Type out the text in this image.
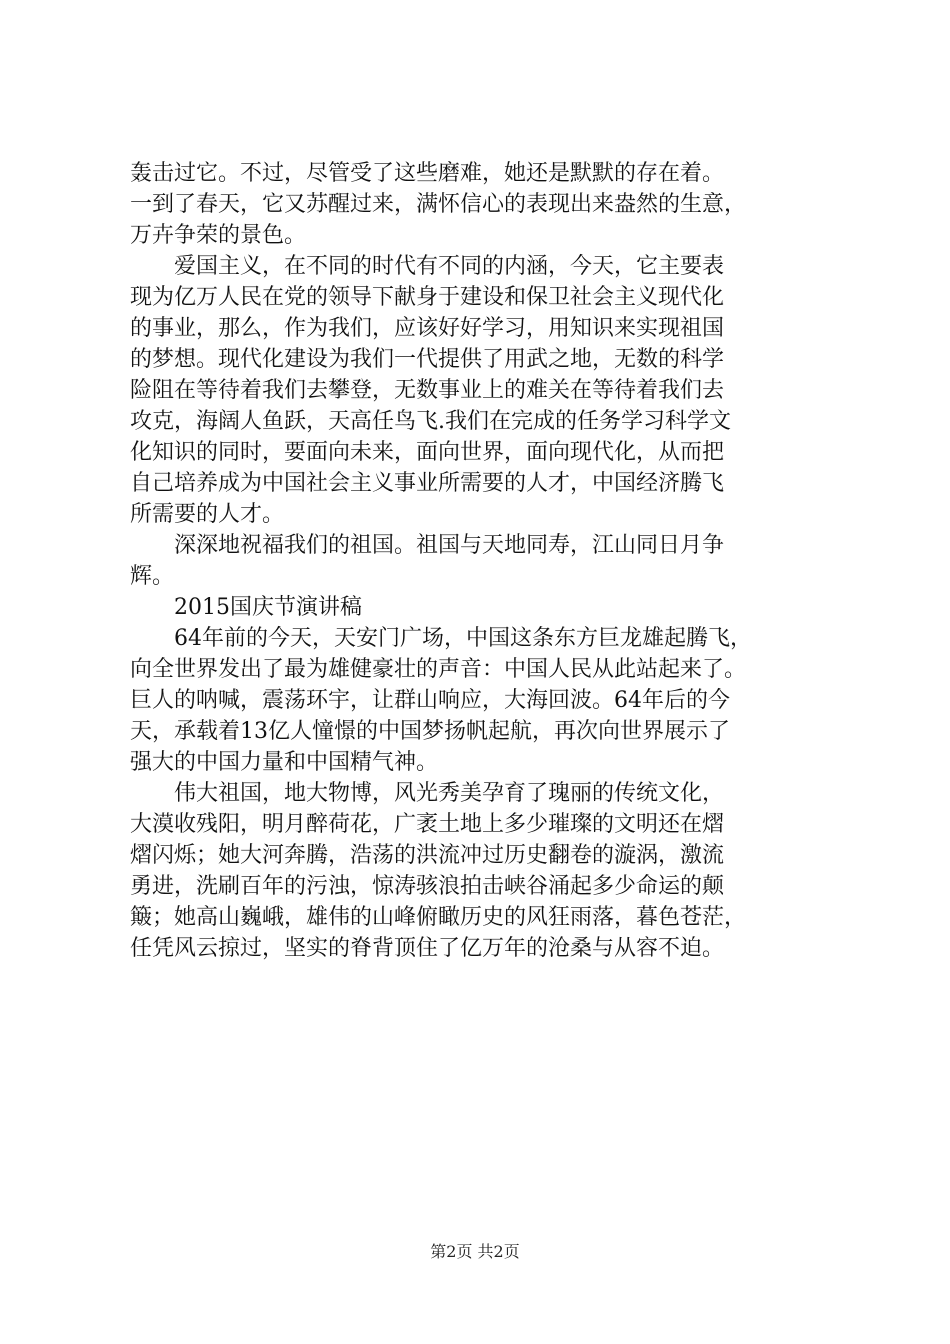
轰击过它。不过，尽管受了这些磨难，她还是默默的存在着。
一到了春天，它又苏醒过来，满怀信心的表现出来盎然的生意，
万卉争荣的景色。
　　爱国主义，在不同的时代有不同的内涵，今天，它主要表
现为亿万人民在党的领导下献身于建设和保卫社会主义现代化
的事业，那么，作为我们，应该好好学习，用知识来实现祖国
的梦想。现代化建设为我们一代提供了用武之地，无数的科学
险阻在等待着我们去攀登，无数事业上的难关在等待着我们去
攻克，海阔人鱼跃，天高任鸟飞.我们在完成的任务学习科学文
化知识的同时，要面向未来，面向世界，面向现代化，从而把
自己培养成为中国社会主义事业所需要的人才，中国经济腾飞
所需要的人才。
　　深深地祝福我们的祖国。祖国与天地同寿，江山同日月争
辉。
　　2015国庆节演讲稿
　　64年前的今天，天安门广场，中国这条东方巨龙雄起腾飞，
向全世界发出了最为雄健豪壮的声音：中国人民从此站起来了。
巨人的呐喊，震荡环宇，让群山响应，大海回波。64年后的今
天，承载着13亿人憧憬的中国梦扬帆起航，再次向世界展示了
强大的中国力量和中国精气神。
　　伟大祖国，地大物博，风光秀美孕育了瑰丽的传统文化，
大漠收残阳，明月醉荷花，广袤土地上多少璀璨的文明还在熠
熠闪烁；她大河奔腾，浩荡的洪流冲过历史翻卷的漩涡，激流
勇进，洗刷百年的污浊，惊涛骇浪拍击峡谷涌起多少命运的颠
簸；她高山巍峨，雄伟的山峰俯瞰历史的风狂雨落，暮色苍茫，
任凭风云掠过，坚实的脊背顶住了亿万年的沧桑与从容不迫。
第2页 共2页
